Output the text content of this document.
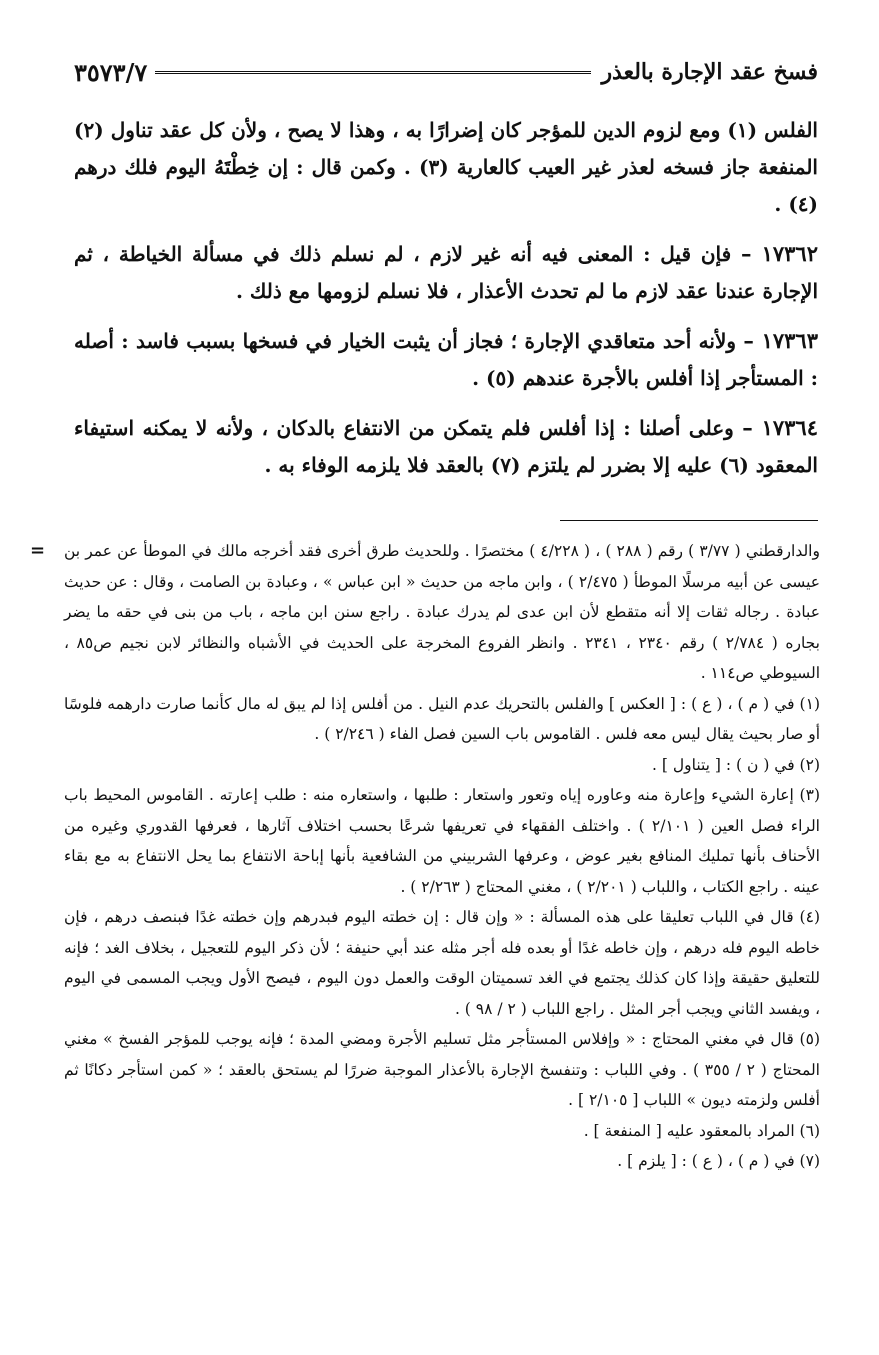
فسخ عقد الإجارة بالعذر
٣٥٧٣/٧

الفلس (١) ومع لزوم الدين للمؤجر كان إضرارًا به ، وهذا لا يصح ، ولأن كل عقد تناول (٢) المنفعة جاز فسخه لعذر غير العيب كالعارية (٣) . وكمن قال : إن خِطْتَهُ اليوم فلك درهم (٤) .

١٧٣٦٢ – فإن قيل : المعنى فيه أنه غير لازم ، لم نسلم ذلك في مسألة الخياطة ، ثم الإجارة عندنا عقد لازم ما لم تحدث الأعذار ، فلا نسلم لزومها مع ذلك .

١٧٣٦٣ – ولأنه أحد متعاقدي الإجارة ؛ فجاز أن يثبت الخيار في فسخها بسبب فاسد : أصله : المستأجر إذا أفلس بالأجرة عندهم (٥) .

١٧٣٦٤ – وعلى أصلنا : إذا أفلس فلم يتمكن من الانتفاع بالدكان ، ولأنه لا يمكنه استيفاء المعقود (٦) عليه إلا بضرر لم يلتزم (٧) بالعقد فلا يلزمه الوفاء به .

= والدارقطني ( ٣/٧٧ ) رقم ( ٢٨٨ ) ، ( ٤/٢٢٨ ) مختصرًا . وللحديث طرق أخرى فقد أخرجه مالك في الموطأ عن عمر بن عيسى عن أبيه مرسلًا الموطأ ( ٢/٤٧٥ ) ، وابن ماجه من حديث « ابن عباس » ، وعبادة بن الصامت ، وقال : عن حديث عبادة . رجاله ثقات إلا أنه متقطع لأن ابن عدى لم يدرك عبادة . راجع سنن ابن ماجه ، باب من بنى في حقه ما يضر بجاره ( ٢/٧٨٤ ) رقم ٢٣٤٠ ، ٢٣٤١ . وانظر الفروع المخرجة على الحديث في الأشباه والنظائر لابن نجيم ص٨٥ ، السيوطي ص١١٤ .

(١) في ( م ) ، ( ع ) : [ العكس ] والفلس بالتحريك عدم النيل . من أفلس إذا لم يبق له مال كأنما صارت دارهمه فلوسًا أو صار بحيث يقال ليس معه فلس . القاموس باب السين فصل الفاء ( ٢/٢٤٦ ) .

(٢) في ( ن ) : [ يتناول ] .

(٣) إعارة الشيء وإعارة منه وعاوره إياه وتعور واستعار : طلبها ، واستعاره منه : طلب إعارته . القاموس المحيط باب الراء فصل العين ( ٢/١٠١ ) . واختلف الفقهاء في تعريفها شرعًا بحسب اختلاف آثارها ، فعرفها القدوري وغيره من الأحناف بأنها تمليك المنافع بغير عوض ، وعرفها الشربيني من الشافعية بأنها إباحة الانتفاع بما يحل الانتفاع به مع بقاء عينه . راجع الكتاب ، واللباب ( ٢/٢٠١ ) ، مغني المحتاج ( ٢/٢٦٣ ) .

(٤) قال في اللباب تعليقا على هذه المسألة : « وإن قال : إن خطته اليوم فبدرهم وإن خطته غدًا فبنصف درهم ، فإن خاطه اليوم فله درهم ، وإن خاطه غدًا أو بعده فله أجر مثله عند أبي حنيفة ؛ لأن ذكر اليوم للتعجيل ، بخلاف الغد ؛ فإنه للتعليق حقيقة وإذا كان كذلك يجتمع في الغد تسميتان الوقت والعمل دون اليوم ، فيصح الأول ويجب المسمى في اليوم ، ويفسد الثاني ويجب أجر المثل . راجع اللباب ( ٢ / ٩٨ ) .

(٥) قال في مغني المحتاج : « وإفلاس المستأجر مثل تسليم الأجرة ومضي المدة ؛ فإنه يوجب للمؤجر الفسخ » مغني المحتاج ( ٢ / ٣٥٥ ) . وفي اللباب : وتنفسخ الإجارة بالأعذار الموجبة ضررًا لم يستحق بالعقد ؛ « كمن استأجر دكانًا ثم أفلس ولزمته ديون » اللباب [ ٢/١٠٥ ] .

(٦) المراد بالمعقود عليه [ المنفعة ] .

(٧) في ( م ) ، ( ع ) : [ يلزم ] .
